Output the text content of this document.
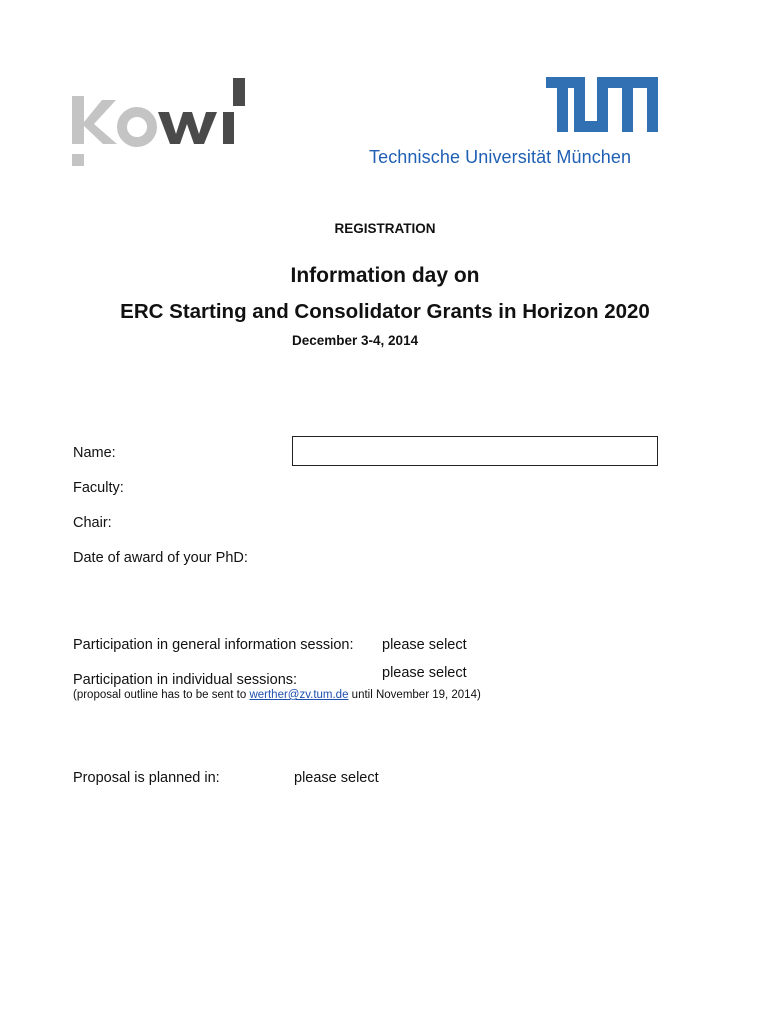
Technische Universität München
REGISTRATION
Information day on
ERC Starting and Consolidator Grants in Horizon 2020
December 3-4, 2014
Name:
Faculty:
Chair:
Date of award of your PhD:
Participation in general information session: please select
Participation in individual sessions:	please select
(proposal outline has to be sent to werther@zv.tum.de until November 19, 2014)
Proposal is planned in:	please select
